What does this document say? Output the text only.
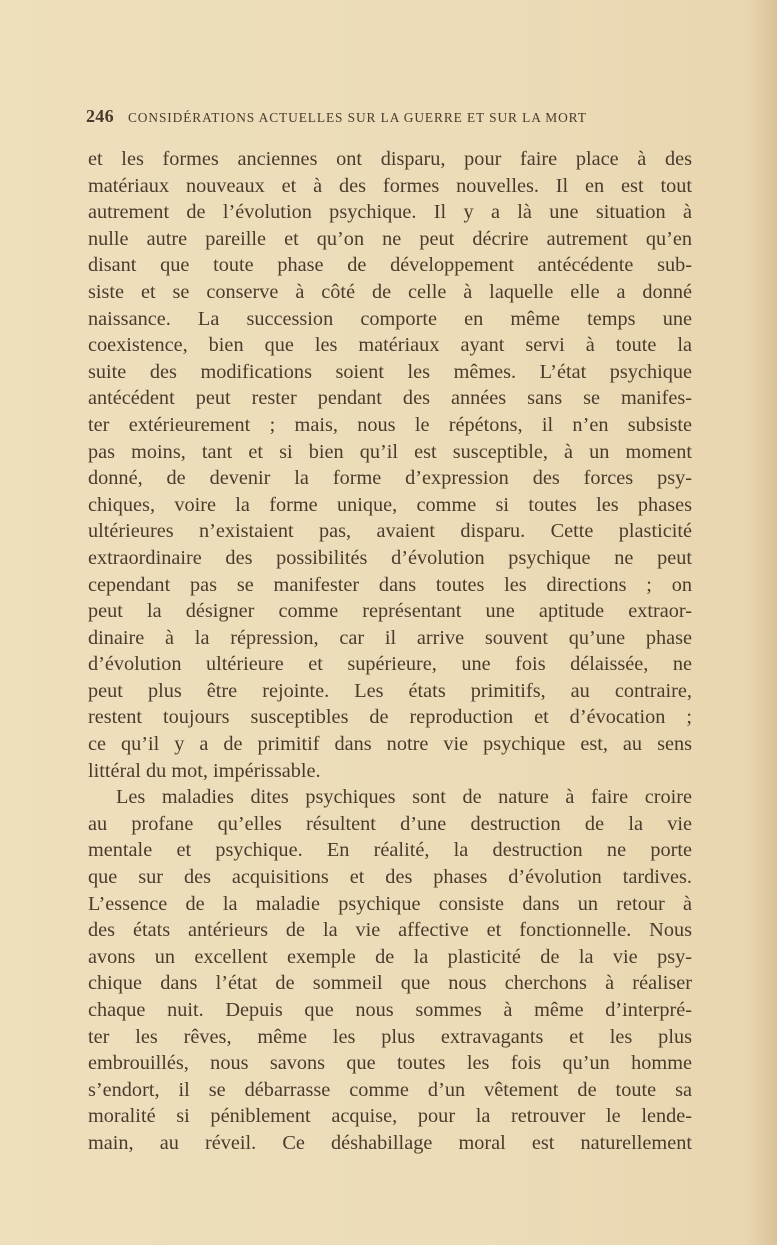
246 CONSIDÉRATIONS ACTUELLES SUR LA GUERRE ET SUR LA MORT
et les formes anciennes ont disparu, pour faire place à des
matériaux nouveaux et à des formes nouvelles. Il en est tout
autrement de l’évolution psychique. Il y a là une situation à
nulle autre pareille et qu’on ne peut décrire autrement qu’en
disant que toute phase de développement antécédente sub-
siste et se conserve à côté de celle à laquelle elle a donné
naissance. La succession comporte en même temps une
coexistence, bien que les matériaux ayant servi à toute la
suite des modifications soient les mêmes. L’état psychique
antécédent peut rester pendant des années sans se manifes-
ter extérieurement ; mais, nous le répétons, il n’en subsiste
pas moins, tant et si bien qu’il est susceptible, à un moment
donné, de devenir la forme d’expression des forces psy-
chiques, voire la forme unique, comme si toutes les phases
ultérieures n’existaient pas, avaient disparu. Cette plasticité
extraordinaire des possibilités d’évolution psychique ne peut
cependant pas se manifester dans toutes les directions ; on
peut la désigner comme représentant une aptitude extraor-
dinaire à la répression, car il arrive souvent qu’une phase
d’évolution ultérieure et supérieure, une fois délaissée, ne
peut plus être rejointe. Les états primitifs, au contraire,
restent toujours susceptibles de reproduction et d’évocation ;
ce qu’il y a de primitif dans notre vie psychique est, au sens
littéral du mot, impérissable.
Les maladies dites psychiques sont de nature à faire croire
au profane qu’elles résultent d’une destruction de la vie
mentale et psychique. En réalité, la destruction ne porte
que sur des acquisitions et des phases d’évolution tardives.
L’essence de la maladie psychique consiste dans un retour à
des états antérieurs de la vie affective et fonctionnelle. Nous
avons un excellent exemple de la plasticité de la vie psy-
chique dans l’état de sommeil que nous cherchons à réaliser
chaque nuit. Depuis que nous sommes à même d’interpré-
ter les rêves, même les plus extravagants et les plus
embrouillés, nous savons que toutes les fois qu’un homme
s’endort, il se débarrasse comme d’un vêtement de toute sa
moralité si péniblement acquise, pour la retrouver le lende-
main, au réveil. Ce déshabillage moral est naturellement
